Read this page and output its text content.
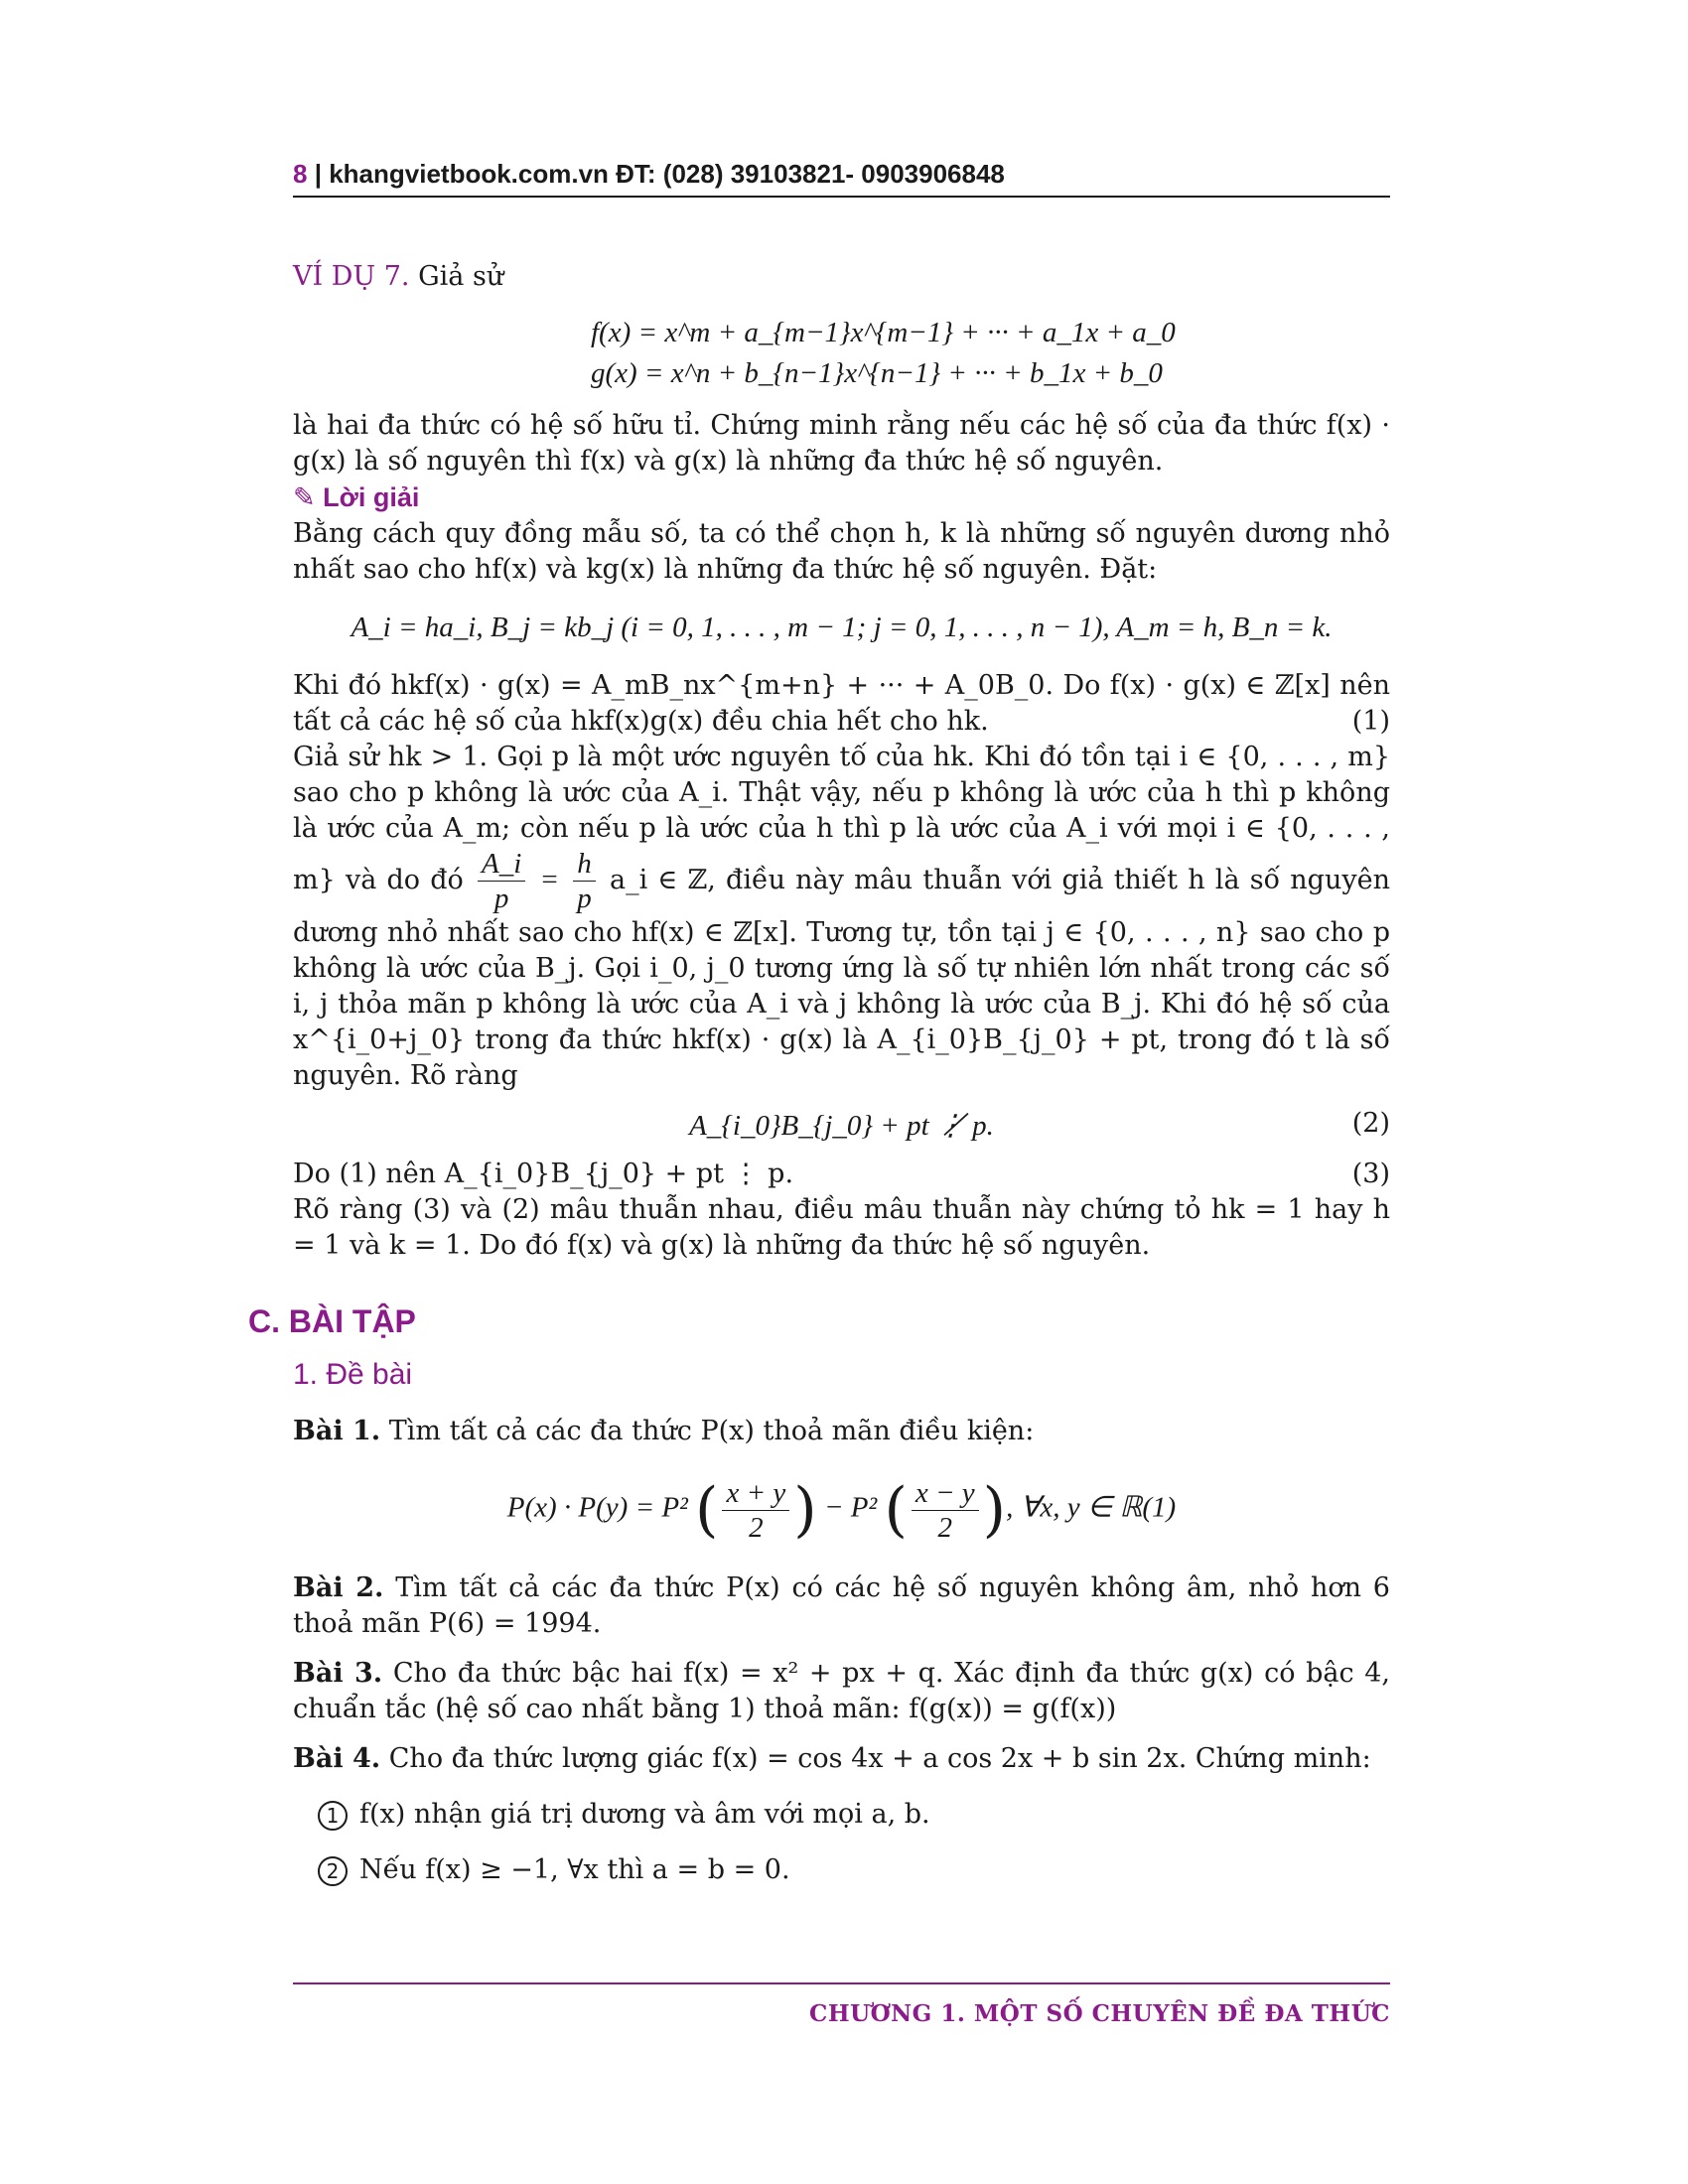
8 | khangvietbook.com.vn ĐT: (028) 39103821- 0903906848
VÍ DỤ 7. Giả sử
f(x) = x^m + a_{m−1}x^{m−1} + ··· + a_1x + a_0
g(x) = x^n + b_{n−1}x^{n−1} + ··· + b_1x + b_0
là hai đa thức có hệ số hữu tỉ. Chứng minh rằng nếu các hệ số của đa thức f(x) · g(x) là số nguyên thì f(x) và g(x) là những đa thức hệ số nguyên.
✎ Lời giải
Bằng cách quy đồng mẫu số, ta có thể chọn h, k là những số nguyên dương nhỏ nhất sao cho hf(x) và kg(x) là những đa thức hệ số nguyên. Đặt:
A_i = ha_i, B_j = kb_j (i = 0, 1, . . . , m − 1; j = 0, 1, . . . , n − 1), A_m = h, B_n = k.
Khi đó hkf(x) · g(x) = A_mB_nx^{m+n} + ··· + A_0B_0. Do f(x) · g(x) ∈ ℤ[x] nên tất cả các hệ số của hkf(x)g(x) đều chia hết cho hk.	(1)
Giả sử hk > 1. Gọi p là một ước nguyên tố của hk. Khi đó tồn tại i ∈ {0, . . . , m} sao cho p không là ước của A_i. Thật vậy, nếu p không là ước của h thì p không là ước của A_m; còn nếu p là ước của h thì p là ước của A_i với mọi i ∈ {0, . . . , m} và do đó $\frac{A\_i}{p} = \frac{h}{p}$ a_i ∈ ℤ, điều này mâu thuẫn với giả thiết h là số nguyên dương nhỏ nhất sao cho hf(x) ∈ ℤ[x]. Tương tự, tồn tại j ∈ {0, . . . , n} sao cho p không là ước của B_j. Gọi i_0, j_0 tương ứng là số tự nhiên lớn nhất trong các số i, j thỏa mãn p không là ước của A_i và j không là ước của B_j. Khi đó hệ số của x^{i_0+j_0} trong đa thức hkf(x) · g(x) là A_{i_0}B_{j_0} + pt, trong đó t là số nguyên. Rõ ràng
A_{i_0}B_{j_0} + pt ⋮̸ p.	(2)
Do (1) nên A_{i_0}B_{j_0} + pt ⋮ p.	(3)
Rõ ràng (3) và (2) mâu thuẫn nhau, điều mâu thuẫn này chứng tỏ hk = 1 hay h = 1 và k = 1. Do đó f(x) và g(x) là những đa thức hệ số nguyên.
C. BÀI TẬP
1. Đề bài
Bài 1. Tìm tất cả các đa thức P(x) thoả mãn điều kiện:
P(x) · P(y) = P² ( $\frac{x + y}{2}$ ) − P² ( $\frac{x - y}{2}$ ), ∀x, y ∈ ℝ(1)
Bài 2. Tìm tất cả các đa thức P(x) có các hệ số nguyên không âm, nhỏ hơn 6 thoả mãn P(6) = 1994.
Bài 3. Cho đa thức bậc hai f(x) = x² + px + q. Xác định đa thức g(x) có bậc 4, chuẩn tắc (hệ số cao nhất bằng 1) thoả mãn: f(g(x)) = g(f(x))
Bài 4. Cho đa thức lượng giác f(x) = cos 4x + a cos 2x + b sin 2x. Chứng minh:
1 f(x) nhận giá trị dương và âm với mọi a, b.
2 Nếu f(x) ≥ −1, ∀x thì a = b = 0.
CHƯƠNG 1. MỘT SỐ CHUYÊN ĐỀ ĐA THỨC
